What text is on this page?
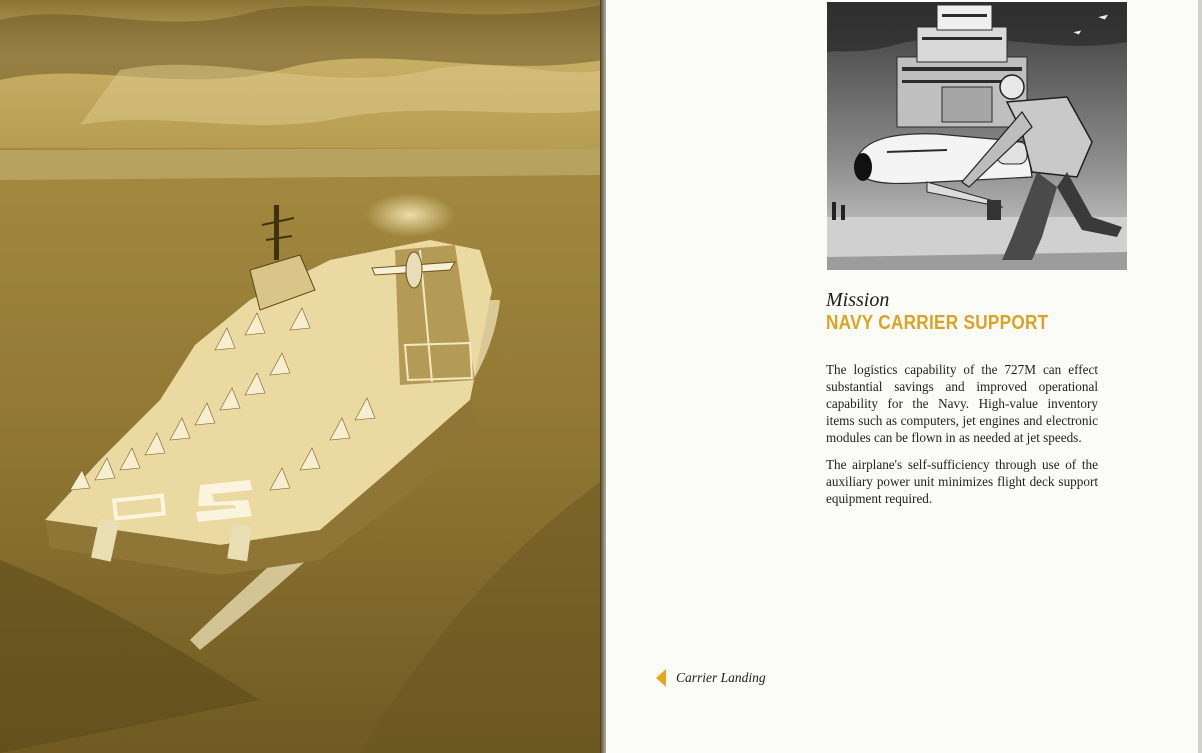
Mission
NAVY CARRIER SUPPORT

The logistics capability of the 727M can effect substantial savings and improved operational capability for the Navy. High-value inventory items such as computers, jet engines and electronic modules can be flown in as needed at jet speeds.

The airplane's self-sufficiency through use of the auxiliary power unit minimizes flight deck support equipment required.

Carrier Landing
